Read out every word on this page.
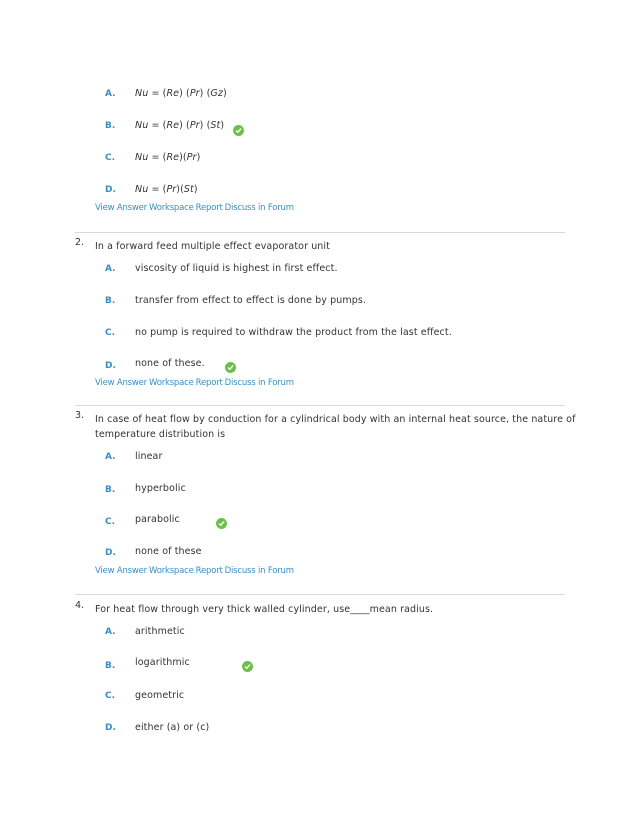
A. Nu = (Re) (Pr) (Gz)
B. Nu = (Re) (Pr) (St)

C. Nu = (Re)(Pr)
D. Nu = (Pr)(St)
View Answer Workspace Report Discuss in Forum
2. In a forward feed multiple effect evaporator unit
A. viscosity of liquid is highest in first effect.
B. transfer from effect to effect is done by pumps.
C. no pump is required to withdraw the product from the last effect.
D. none of these.

View Answer Workspace Report Discuss in Forum
3. In case of heat flow by conduction for a cylindrical body with an internal heat source, the nature of
temperature distribution is
A. linear
B. hyperbolic
C. parabolic

D. none of these
View Answer Workspace Report Discuss in Forum
4. For heat flow through very thick walled cylinder, use____mean radius.
A. arithmetic
B. logarithmic
C. geometric
D. either (a) or (c)
